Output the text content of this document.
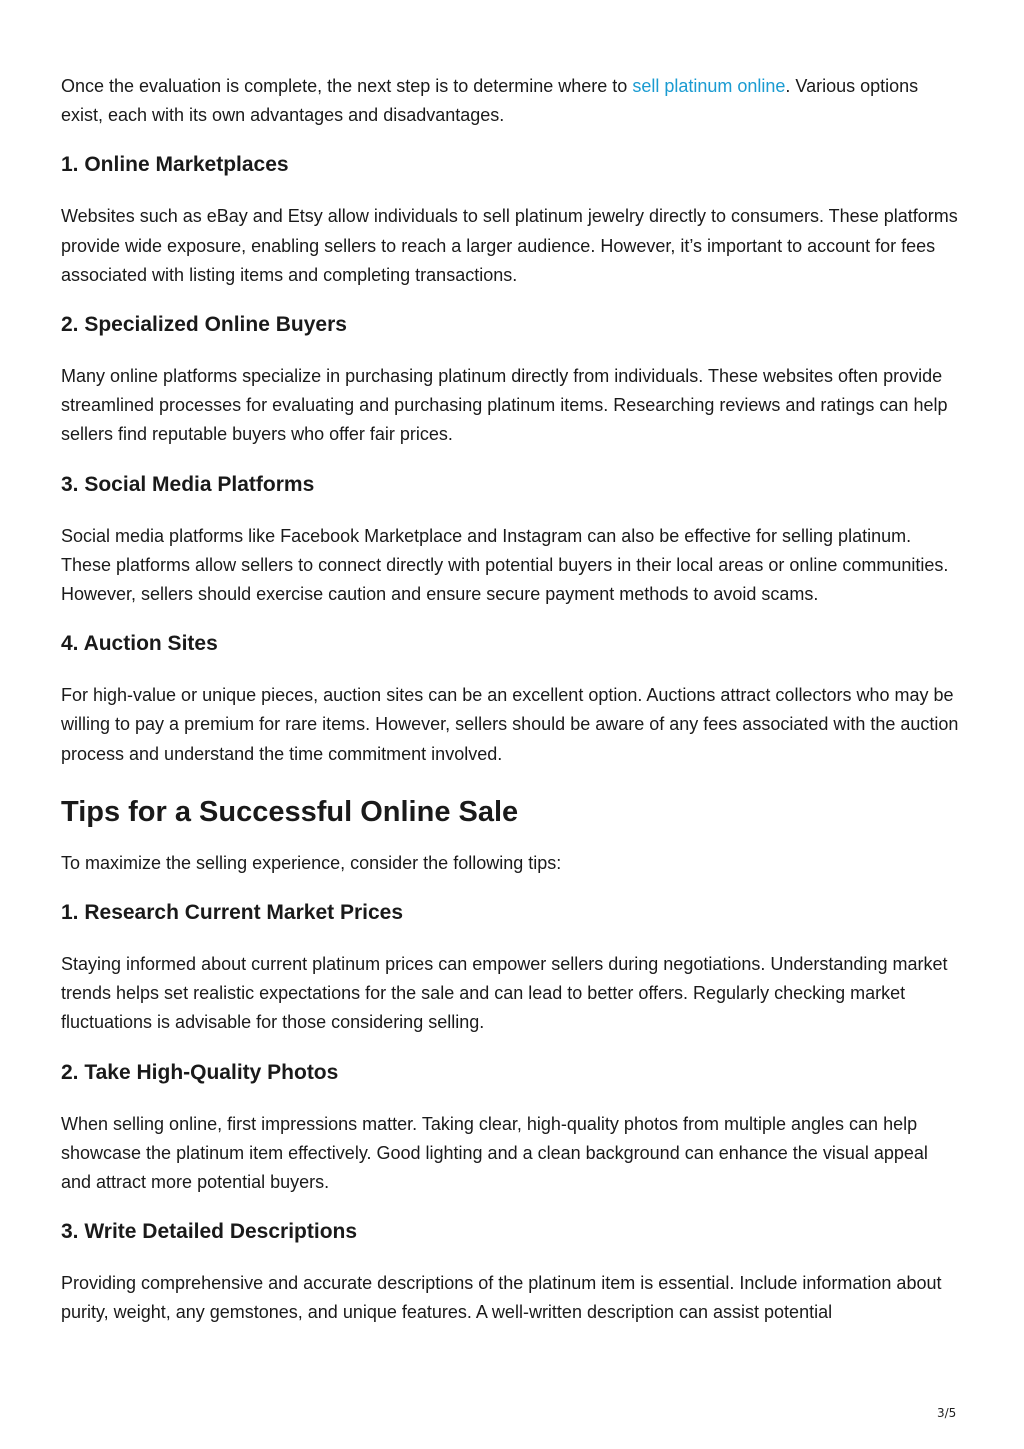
Once the evaluation is complete, the next step is to determine where to sell platinum online. Various options exist, each with its own advantages and disadvantages.

1. Online Marketplaces

Websites such as eBay and Etsy allow individuals to sell platinum jewelry directly to consumers. These platforms provide wide exposure, enabling sellers to reach a larger audience. However, it’s important to account for fees associated with listing items and completing transactions.

2. Specialized Online Buyers

Many online platforms specialize in purchasing platinum directly from individuals. These websites often provide streamlined processes for evaluating and purchasing platinum items. Researching reviews and ratings can help sellers find reputable buyers who offer fair prices.

3. Social Media Platforms

Social media platforms like Facebook Marketplace and Instagram can also be effective for selling platinum. These platforms allow sellers to connect directly with potential buyers in their local areas or online communities. However, sellers should exercise caution and ensure secure payment methods to avoid scams.

4. Auction Sites

For high-value or unique pieces, auction sites can be an excellent option. Auctions attract collectors who may be willing to pay a premium for rare items. However, sellers should be aware of any fees associated with the auction process and understand the time commitment involved.

Tips for a Successful Online Sale

To maximize the selling experience, consider the following tips:

1. Research Current Market Prices

Staying informed about current platinum prices can empower sellers during negotiations. Understanding market trends helps set realistic expectations for the sale and can lead to better offers. Regularly checking market fluctuations is advisable for those considering selling.

2. Take High-Quality Photos

When selling online, first impressions matter. Taking clear, high-quality photos from multiple angles can help showcase the platinum item effectively. Good lighting and a clean background can enhance the visual appeal and attract more potential buyers.

3. Write Detailed Descriptions

Providing comprehensive and accurate descriptions of the platinum item is essential. Include information about purity, weight, any gemstones, and unique features. A well-written description can assist potential

3/5
